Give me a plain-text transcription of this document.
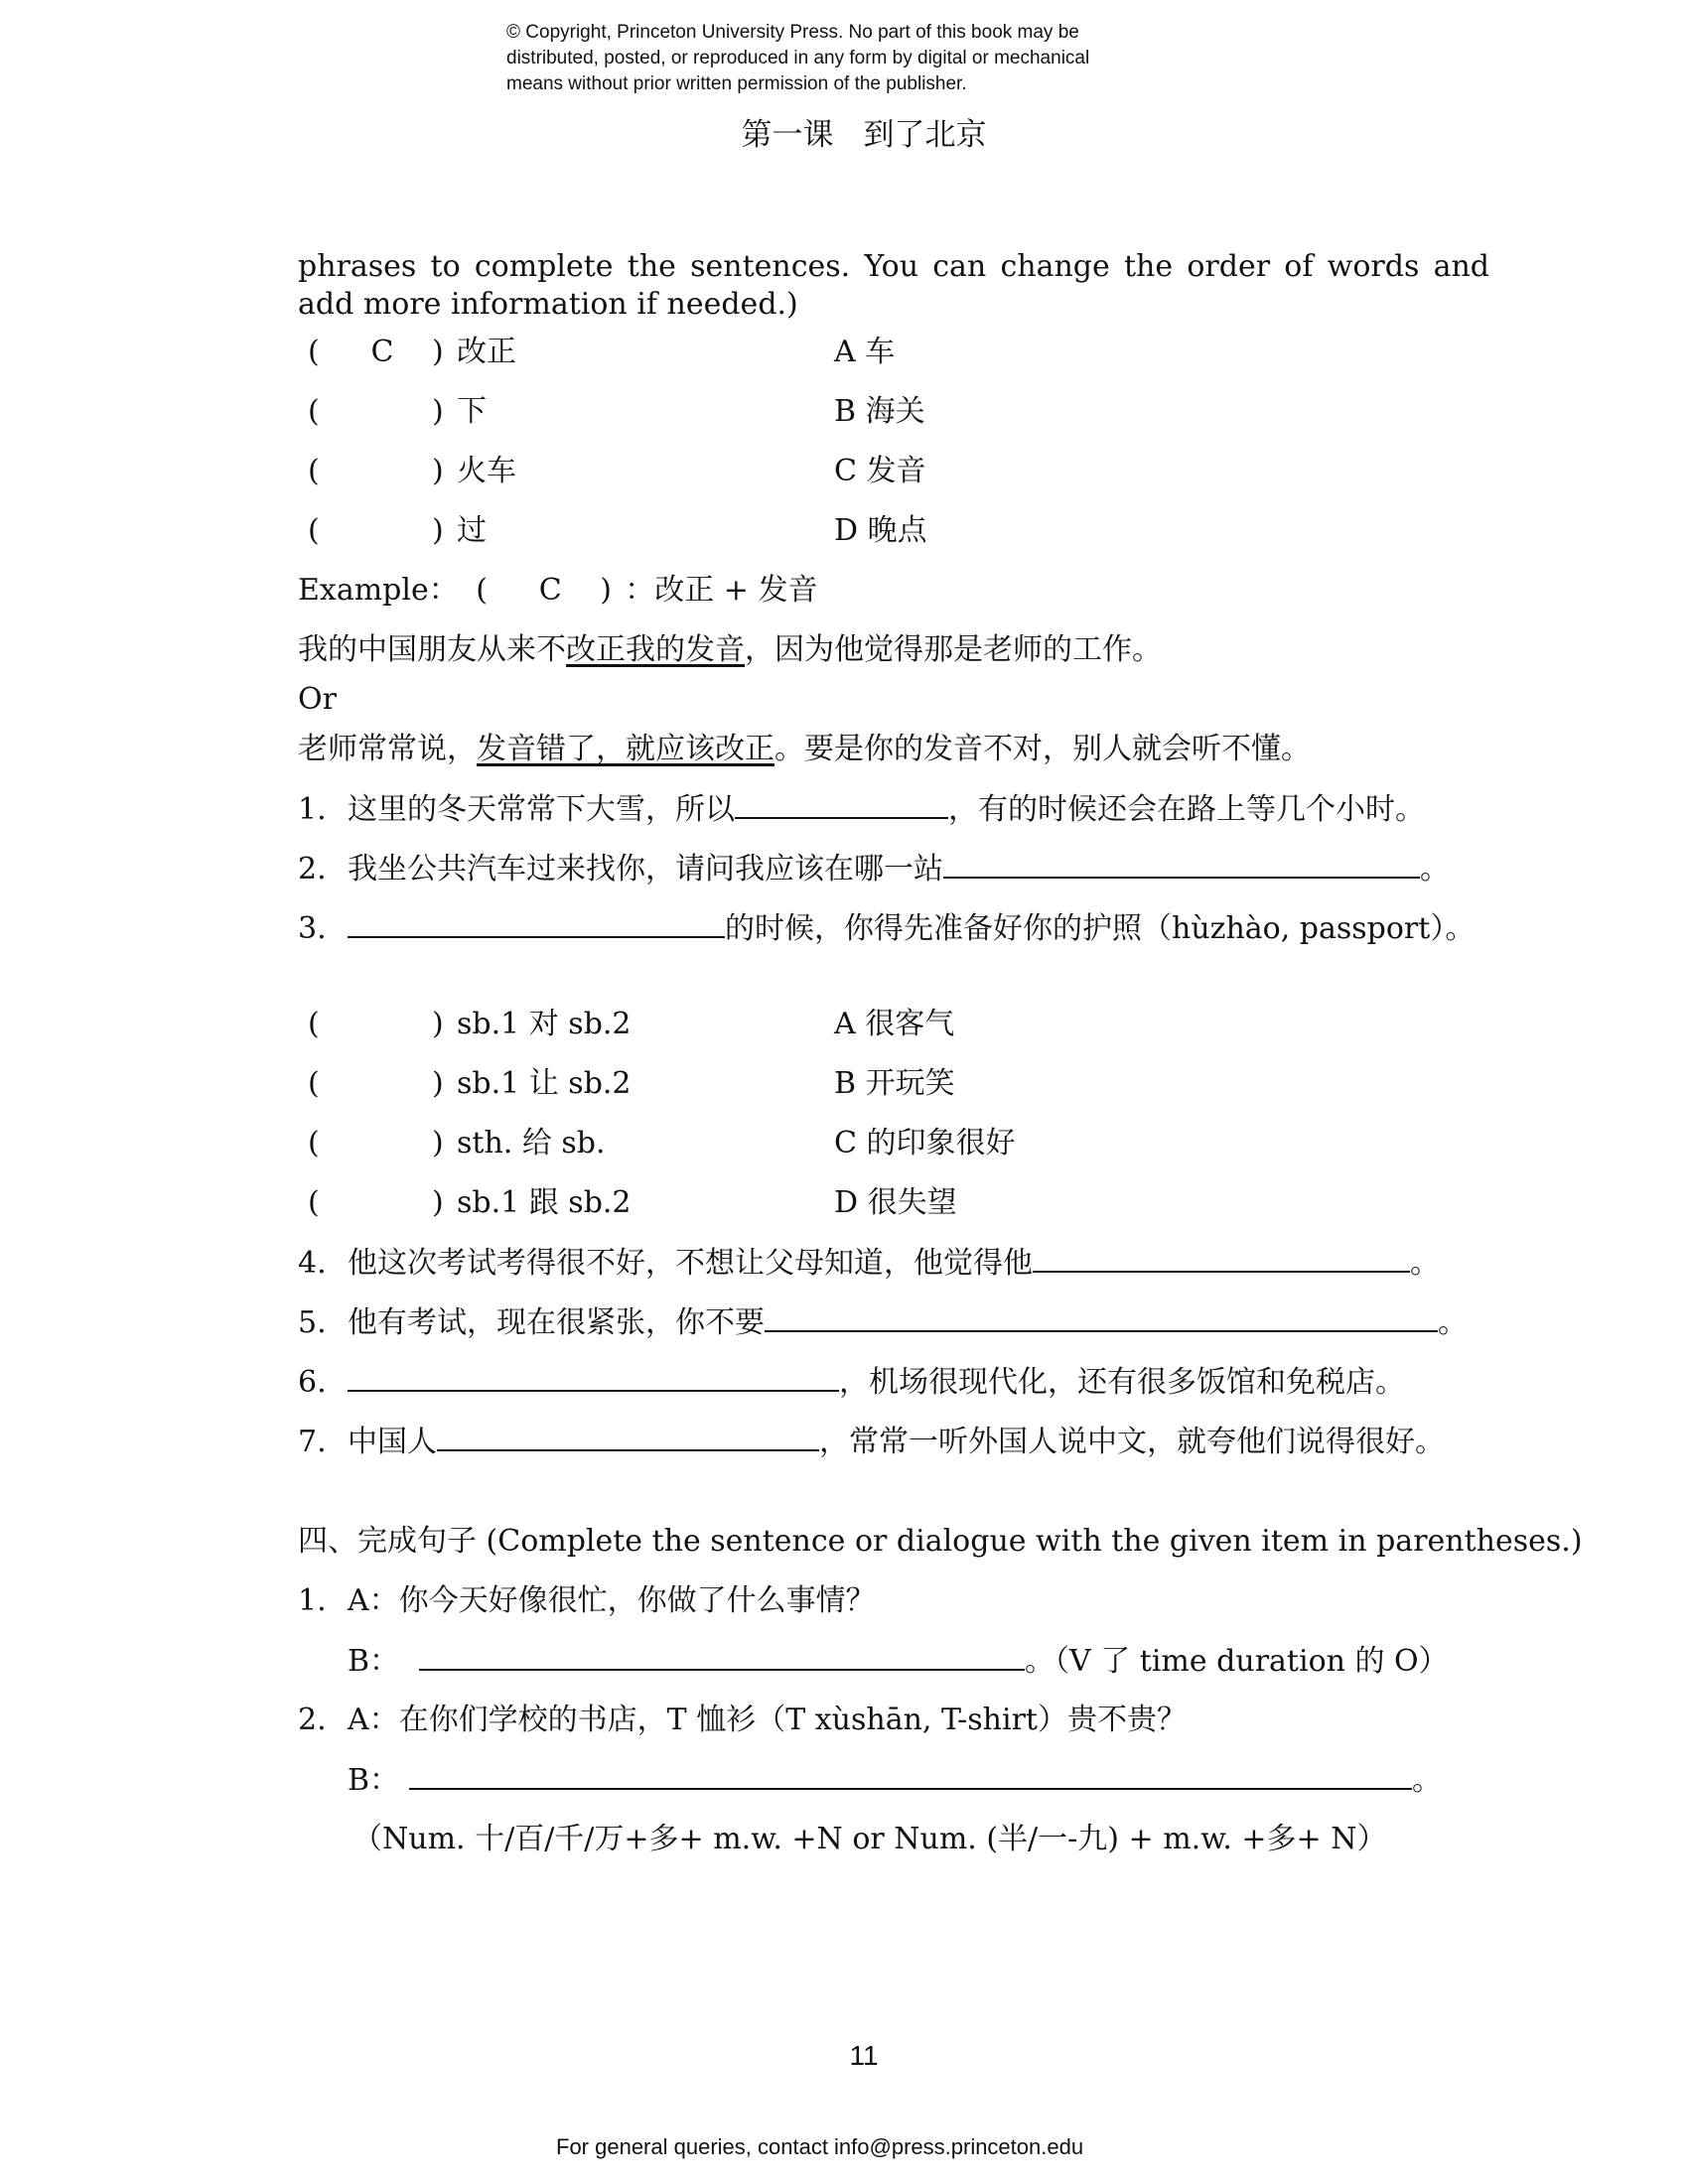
© Copyright, Princeton University Press. No part of this book may be
distributed, posted, or reproduced in any form by digital or mechanical
means without prior written permission of the publisher.
第一课 到了北京
phrases to complete the sentences. You can change the order of words and add more information if needed.)
( C ) 改正	A 车
(	) 下	B 海关
(	) 火车	C 发音
(	) 过	D 晚点
Example： ( C ) ：改正 + 发音
我的中国朋友从来不改正我的发音，因为他觉得那是老师的工作。
Or
老师常常说，发音错了，就应该改正。要是你的发音不对，别人就会听不懂。
1. 这里的冬天常常下大雪，所以	，有的时候还会在路上等几个小时。
2. 我坐公共汽车过来找你，请问我应该在哪一站	。
3.	的时候，你得先准备好你的护照（hùzhào, passport）。
(	) sb.1 对 sb.2	A 很客气
(	) sb.1 让 sb.2	B 开玩笑
(	) sth. 给 sb.	C 的印象很好
(	) sb.1 跟 sb.2	D 很失望
4. 他这次考试考得很不好，不想让父母知道，他觉得他	。
5. 他有考试，现在很紧张，你不要	。
6.	，机场很现代化，还有很多饭馆和免税店。
7. 中国人	，常常一听外国人说中文，就夸他们说得很好。
四、完成句子 (Complete the sentence or dialogue with the given item in parentheses.)
1. A：你今天好像很忙，你做了什么事情？
B：	。（V 了 time duration 的 O）
2. A：在你们学校的书店，T 恤衫（T xùshān, T-shirt）贵不贵？
B：	。
（Num. 十/百/千/万+多+ m.w. +N or Num. (半/一-九) + m.w. +多+ N）
11
For general queries, contact info@press.princeton.edu
